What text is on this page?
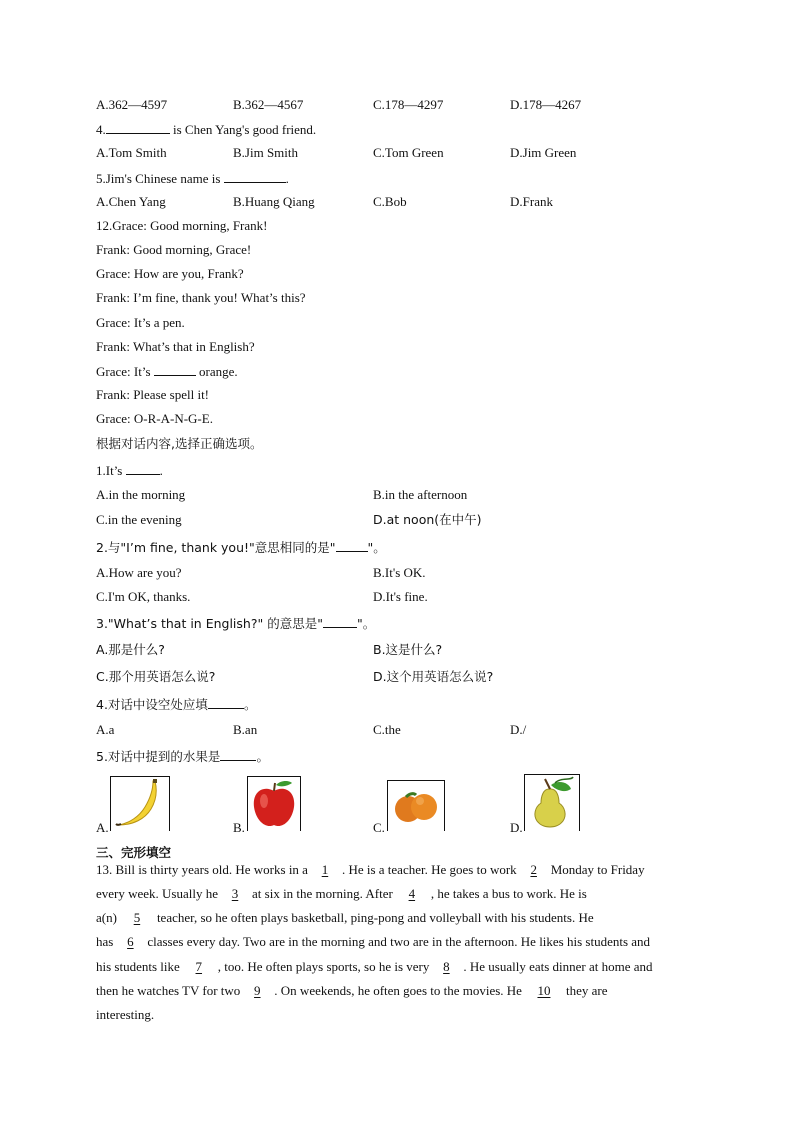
A.362—4597	B.362—4567	C.178—4297	D.178—4267
4.	is Chen Yang's good friend.
A.Tom Smith	B.Jim Smith	C.Tom Green	D.Jim Green
5.Jim's Chinese name is	.
A.Chen Yang	B.Huang Qiang	C.Bob	D.Frank
12.Grace: Good morning, Frank!
Frank: Good morning, Grace!
Grace: How are you, Frank?
Frank: I’m fine, thank you! What’s this?
Grace: It’s a pen.
Frank: What’s that in English?
Grace: It’s	orange.
Frank: Please spell it!
Grace: O-R-A-N-G-E.
根据对话内容,选择正确选项。
1.It’s	.
A.in the morning	B.in the afternoon
C.in the evening	D.at noon(在中午)
2.与"I’m fine, thank you!"意思相同的是"	"。
A.How are you?	B.It's OK.
C.I'm OK, thanks.	D.It's fine.
3."What’s that in English?" 的意思是"	"。
A.那是什么?	B.这是什么?
C.那个用英语怎么说?	D.这个用英语怎么说?
4.对话中设空处应填	。
A.a	B.an	C.the	D./
5.对话中提到的水果是	。
A.	B.	C.	D.
三、完形填空
13. Bill is thirty years old. He works in a 1 . He is a teacher. He goes to work 2 Monday to Friday
every week. Usually he 3 at six in the morning. After 4 , he takes a bus to work. He is
a(n) 5 teacher, so he often plays basketball, ping-pong and volleyball with his students. He
has 6 classes every day. Two are in the morning and two are in the afternoon. He likes his students and
his students like 7 , too. He often plays sports, so he is very 8 . He usually eats dinner at home and
then he watches TV for two 9 . On weekends, he often goes to the movies. He 10 they are
interesting.
